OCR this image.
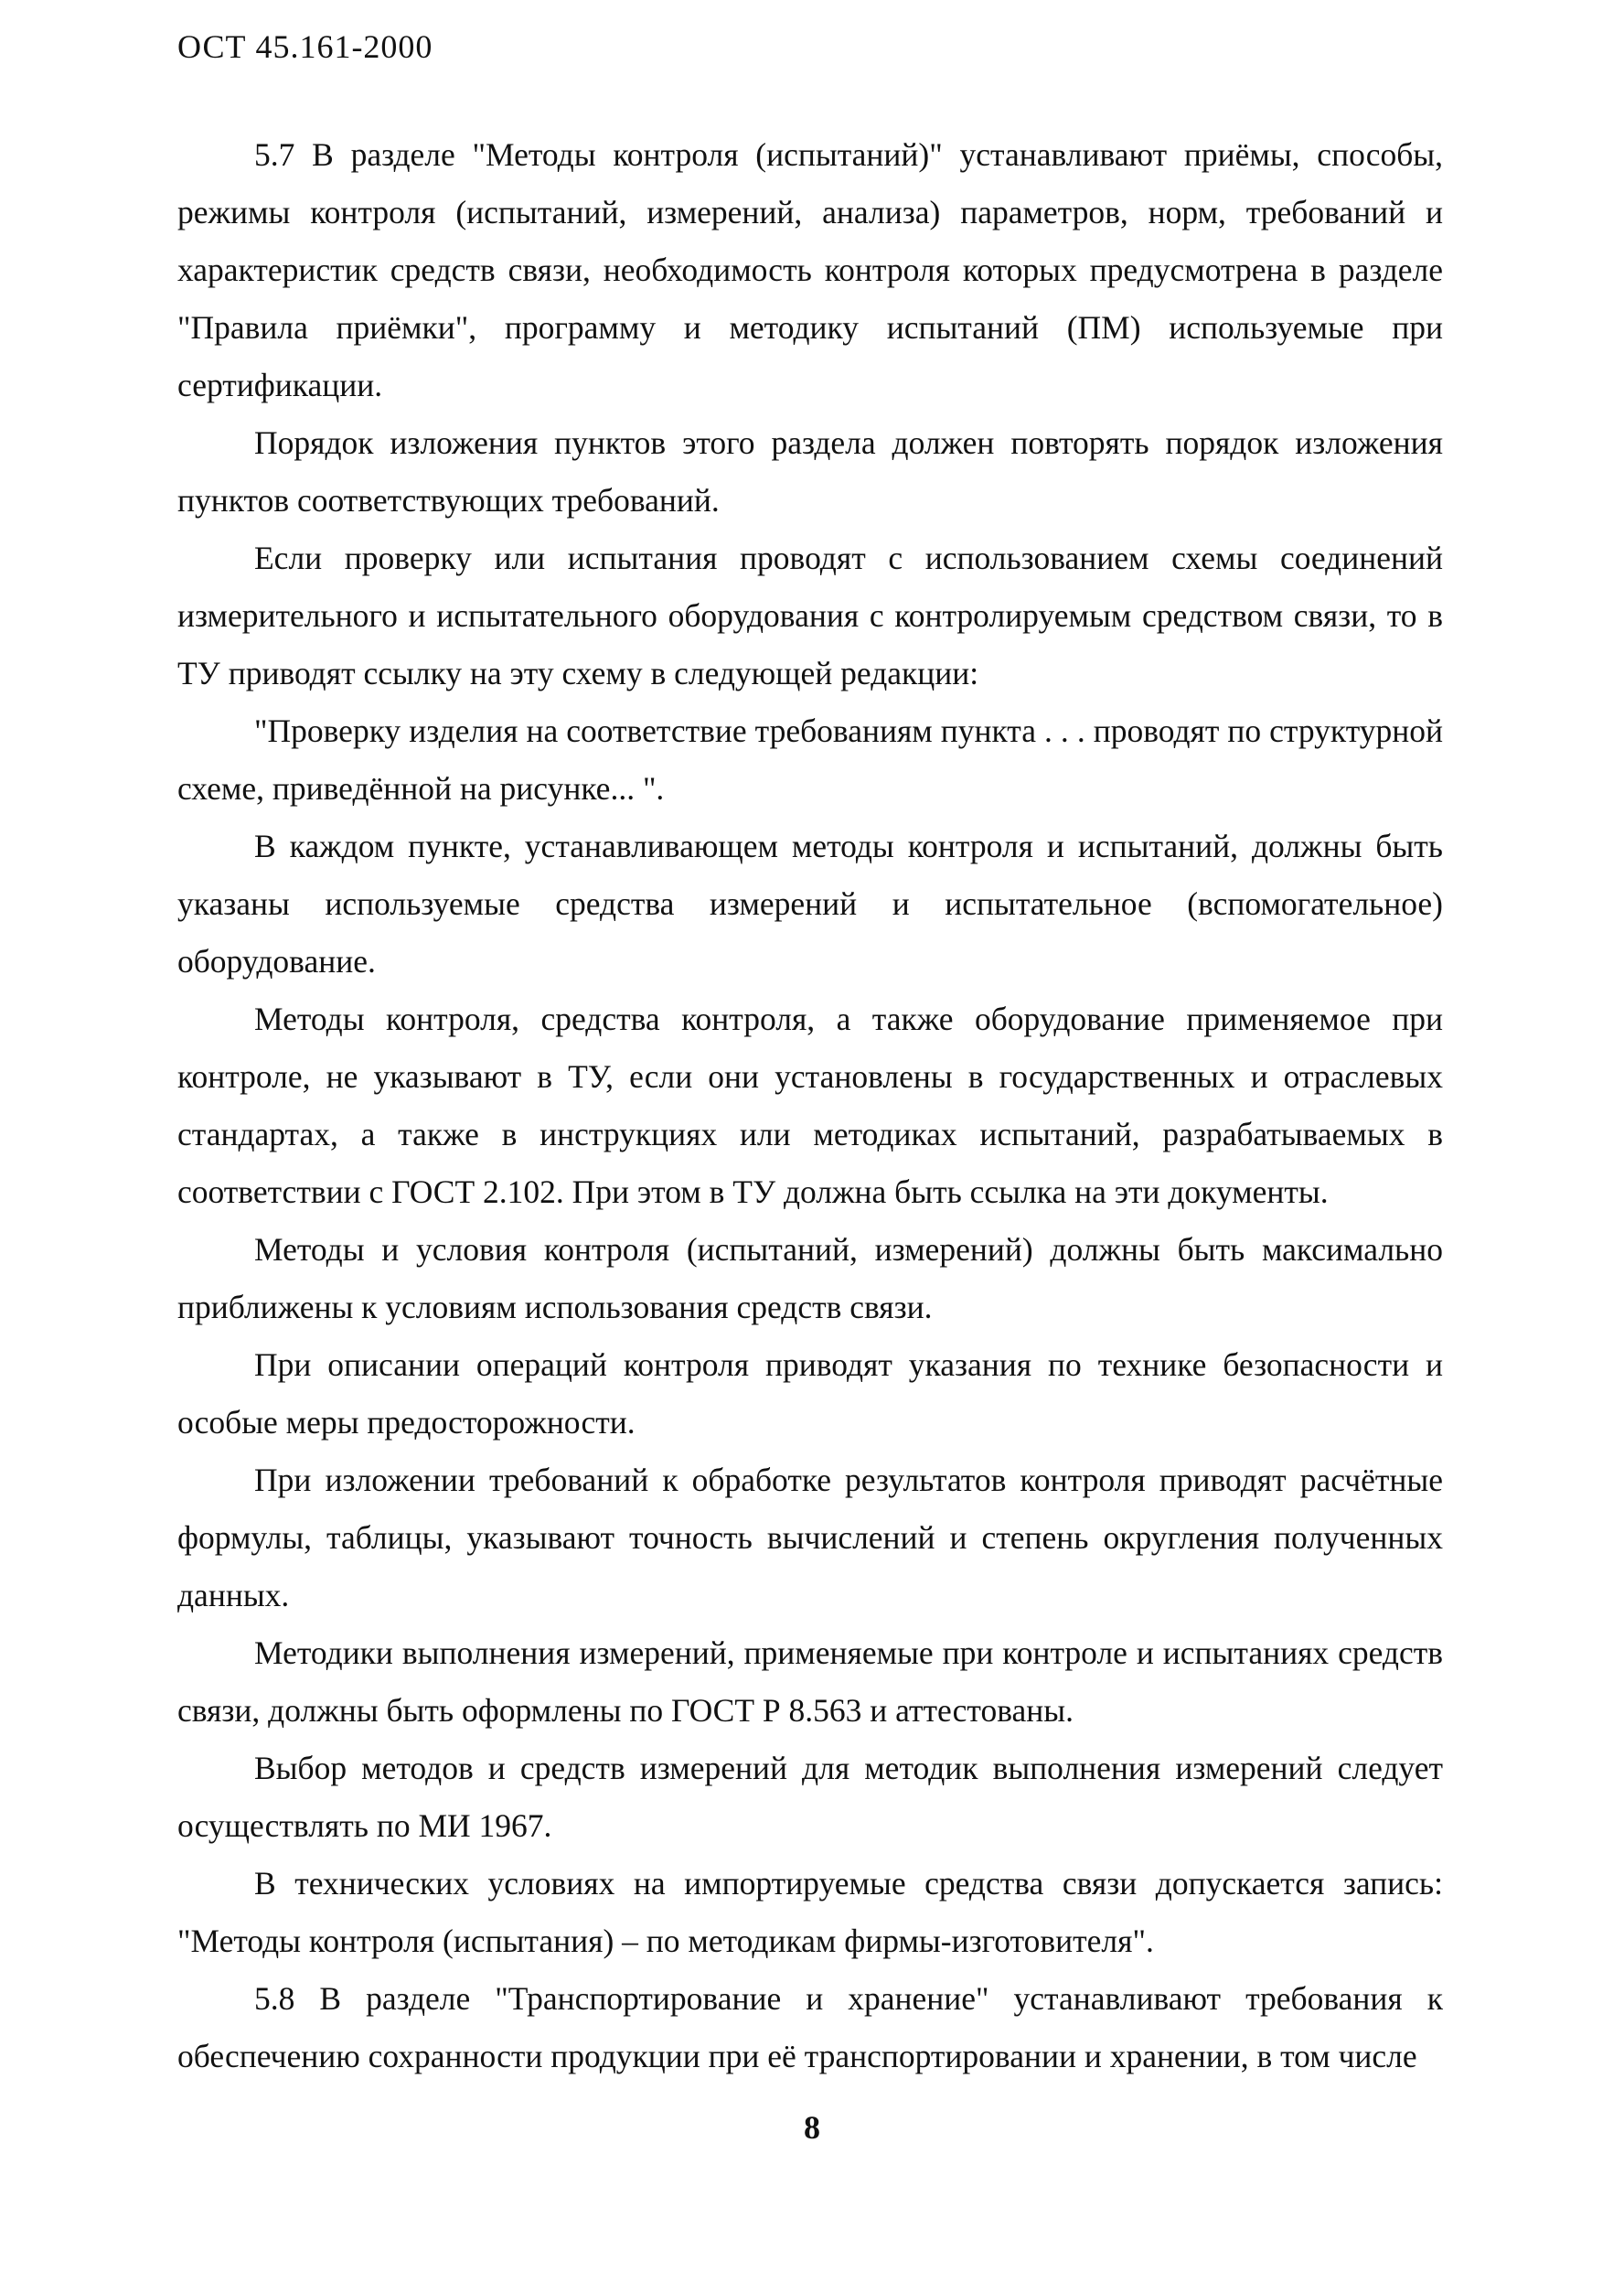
ОСТ 45.161-2000

5.7 В разделе "Методы контроля (испытаний)" устанавливают приёмы, способы, режимы контроля (испытаний, измерений, анализа) параметров, норм, требований и характеристик средств связи, необходимость контроля которых предусмотрена в разделе "Правила приёмки", программу и методику испытаний (ПМ) используемые при сертификации.

Порядок изложения пунктов этого раздела должен повторять порядок изложения пунктов соответствующих требований.

Если проверку или испытания проводят с использованием схемы соединений измерительного и испытательного оборудования с контролируемым средством связи, то в ТУ приводят ссылку на эту схему в следующей редакции:

"Проверку изделия на соответствие требованиям пункта . . . проводят по структурной схеме, приведённой на рисунке... ".

В каждом пункте, устанавливающем методы контроля и испытаний, должны быть указаны используемые средства измерений и испытательное (вспомогательное) оборудование.

Методы контроля, средства контроля, а также оборудование применяемое при контроле, не указывают в ТУ, если они установлены в государственных и отраслевых стандартах, а также в инструкциях или методиках испытаний, разрабатываемых в соответствии с ГОСТ 2.102. При этом в ТУ должна быть ссылка на эти документы.

Методы и условия контроля (испытаний, измерений) должны быть максимально приближены к условиям использования средств связи.

При описании операций контроля приводят указания по технике безопасности и особые меры предосторожности.

При изложении требований к обработке результатов контроля приводят расчётные формулы, таблицы, указывают точность вычислений и степень округления полученных данных.

Методики выполнения измерений, применяемые при контроле и испытаниях средств связи, должны быть оформлены по ГОСТ Р 8.563 и аттестованы.

Выбор методов и средств измерений для методик выполнения измерений следует осуществлять по МИ 1967.

В технических условиях на импортируемые средства связи допускается запись: "Методы контроля (испытания) – по методикам фирмы-изготовителя".

5.8 В разделе "Транспортирование и хранение" устанавливают требования к обеспечению сохранности продукции при её транспортировании и хранении, в том числе

8
